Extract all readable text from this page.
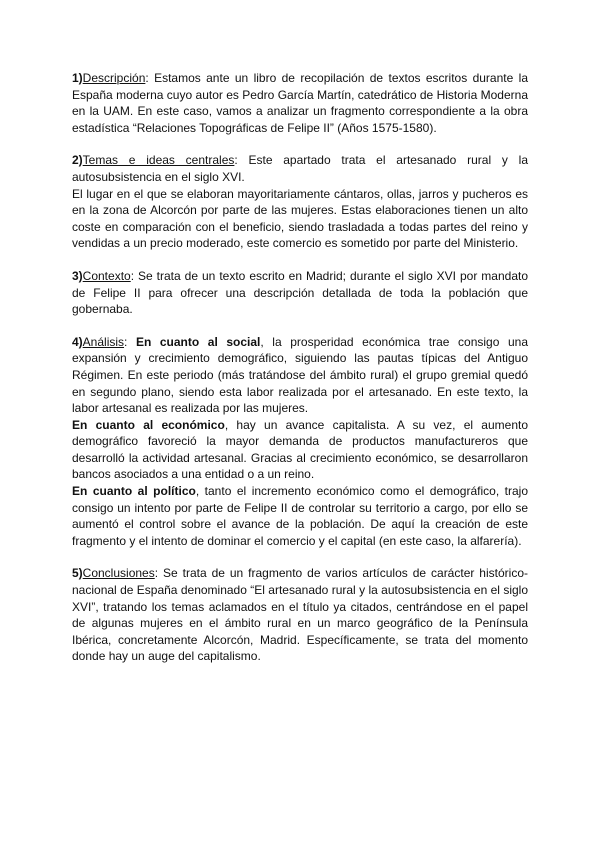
1)Descripción: Estamos ante un libro de recopilación de textos escritos durante la España moderna cuyo autor es Pedro García Martín, catedrático de Historia Moderna en la UAM. En este caso, vamos a analizar un fragmento correspondiente a la obra estadística “Relaciones Topográficas de Felipe II” (Años 1575-1580).

2)Temas e ideas centrales: Este apartado trata el artesanado rural y la autosubsistencia en el siglo XVI.

El lugar en el que se elaboran mayoritariamente cántaros, ollas, jarros y pucheros es en la zona de Alcorcón por parte de las mujeres. Estas elaboraciones tienen un alto coste en comparación con el beneficio, siendo trasladada a todas partes del reino y vendidas a un precio moderado, este comercio es sometido por parte del Ministerio.

3)Contexto: Se trata de un texto escrito en Madrid; durante el siglo XVI por mandato de Felipe II para ofrecer una descripción detallada de toda la población que gobernaba.

4)Análisis: En cuanto al social, la prosperidad económica trae consigo una expansión y crecimiento demográfico, siguiendo las pautas típicas del Antiguo Régimen. En este periodo (más tratándose del ámbito rural) el grupo gremial quedó en segundo plano, siendo esta labor realizada por el artesanado. En este texto, la labor artesanal es realizada por las mujeres.

En cuanto al económico, hay un avance capitalista. A su vez, el aumento demográfico favoreció la mayor demanda de productos manufactureros que desarrolló la actividad artesanal. Gracias al crecimiento económico, se desarrollaron bancos asociados a una entidad o a un reino.

En cuanto al político, tanto el incremento económico como el demográfico, trajo consigo un intento por parte de Felipe II de controlar su territorio a cargo, por ello se aumentó el control sobre el avance de la población. De aquí la creación de este fragmento y el intento de dominar el comercio y el capital (en este caso, la alfarería).

5)Conclusiones: Se trata de un fragmento de varios artículos de carácter histórico-nacional de España denominado “El artesanado rural y la autosubsistencia en el siglo XVI”, tratando los temas aclamados en el título ya citados, centrándose en el papel de algunas mujeres en el ámbito rural en un marco geográfico de la Península Ibérica, concretamente Alcorcón, Madrid. Específicamente, se trata del momento donde hay un auge del capitalismo.
